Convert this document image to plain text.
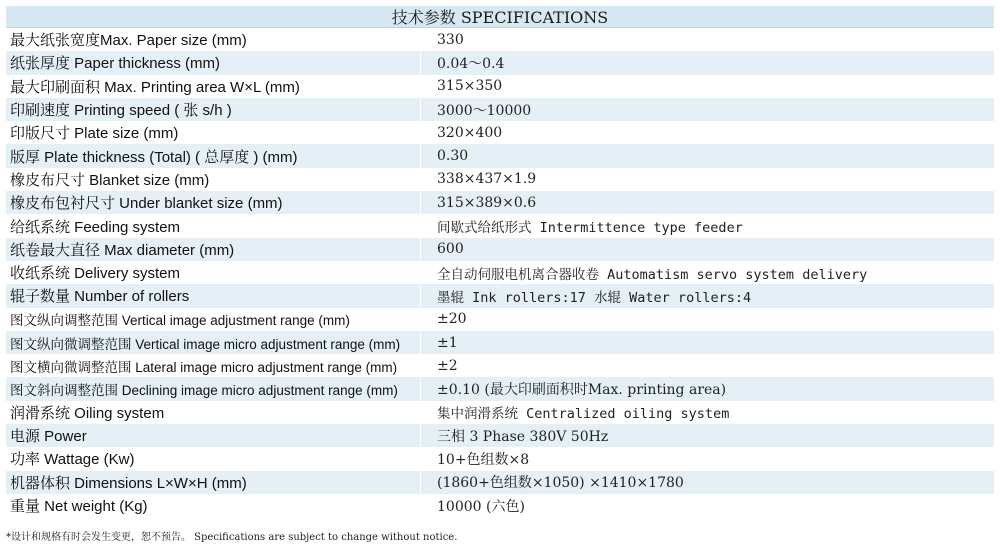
技术参数 SPECIFICATIONS
最大纸张宽度Max. Paper size (mm)	330
纸张厚度 Paper thickness (mm)	0.04～0.4
最大印刷面积 Max. Printing area W×L (mm)	315×350
印刷速度 Printing speed ( 张 s/h )	3000～10000
印版尺寸 Plate size (mm)	320×400
版厚 Plate thickness (Total) ( 总厚度 ) (mm)	0.30
橡皮布尺寸 Blanket size (mm)	338×437×1.9
橡皮布包衬尺寸 Under blanket size (mm)	315×389×0.6
给纸系统 Feeding system	间歇式给纸形式 Intermittence type feeder
纸卷最大直径 Max diameter (mm)	600
收纸系统 Delivery system	全自动伺服电机离合器收卷 Automatism servo system delivery
辊子数量 Number of rollers	墨辊 Ink rollers:17 水辊 Water rollers:4
图文纵向调整范围 Vertical image adjustment range (mm)	±20
图文纵向微调整范围 Vertical image micro adjustment range (mm)	±1
图文横向微调整范围 Lateral image micro adjustment range (mm)	±2
图文斜向调整范围 Declining image micro adjustment range (mm)	±0.10 (最大印刷面积时Max. printing area)
润滑系统 Oiling system	集中润滑系统 Centralized oiling system
电源 Power	三相 3 Phase 380V 50Hz
功率 Wattage (Kw)	10+色组数×8
机器体积 Dimensions L×W×H (mm)	(1860+色组数×1050) ×1410×1780
重量 Net weight (Kg)	10000 (六色)
*设计和规格有时会发生变更，恕不预告。 Specifications are subject to change without notice.
